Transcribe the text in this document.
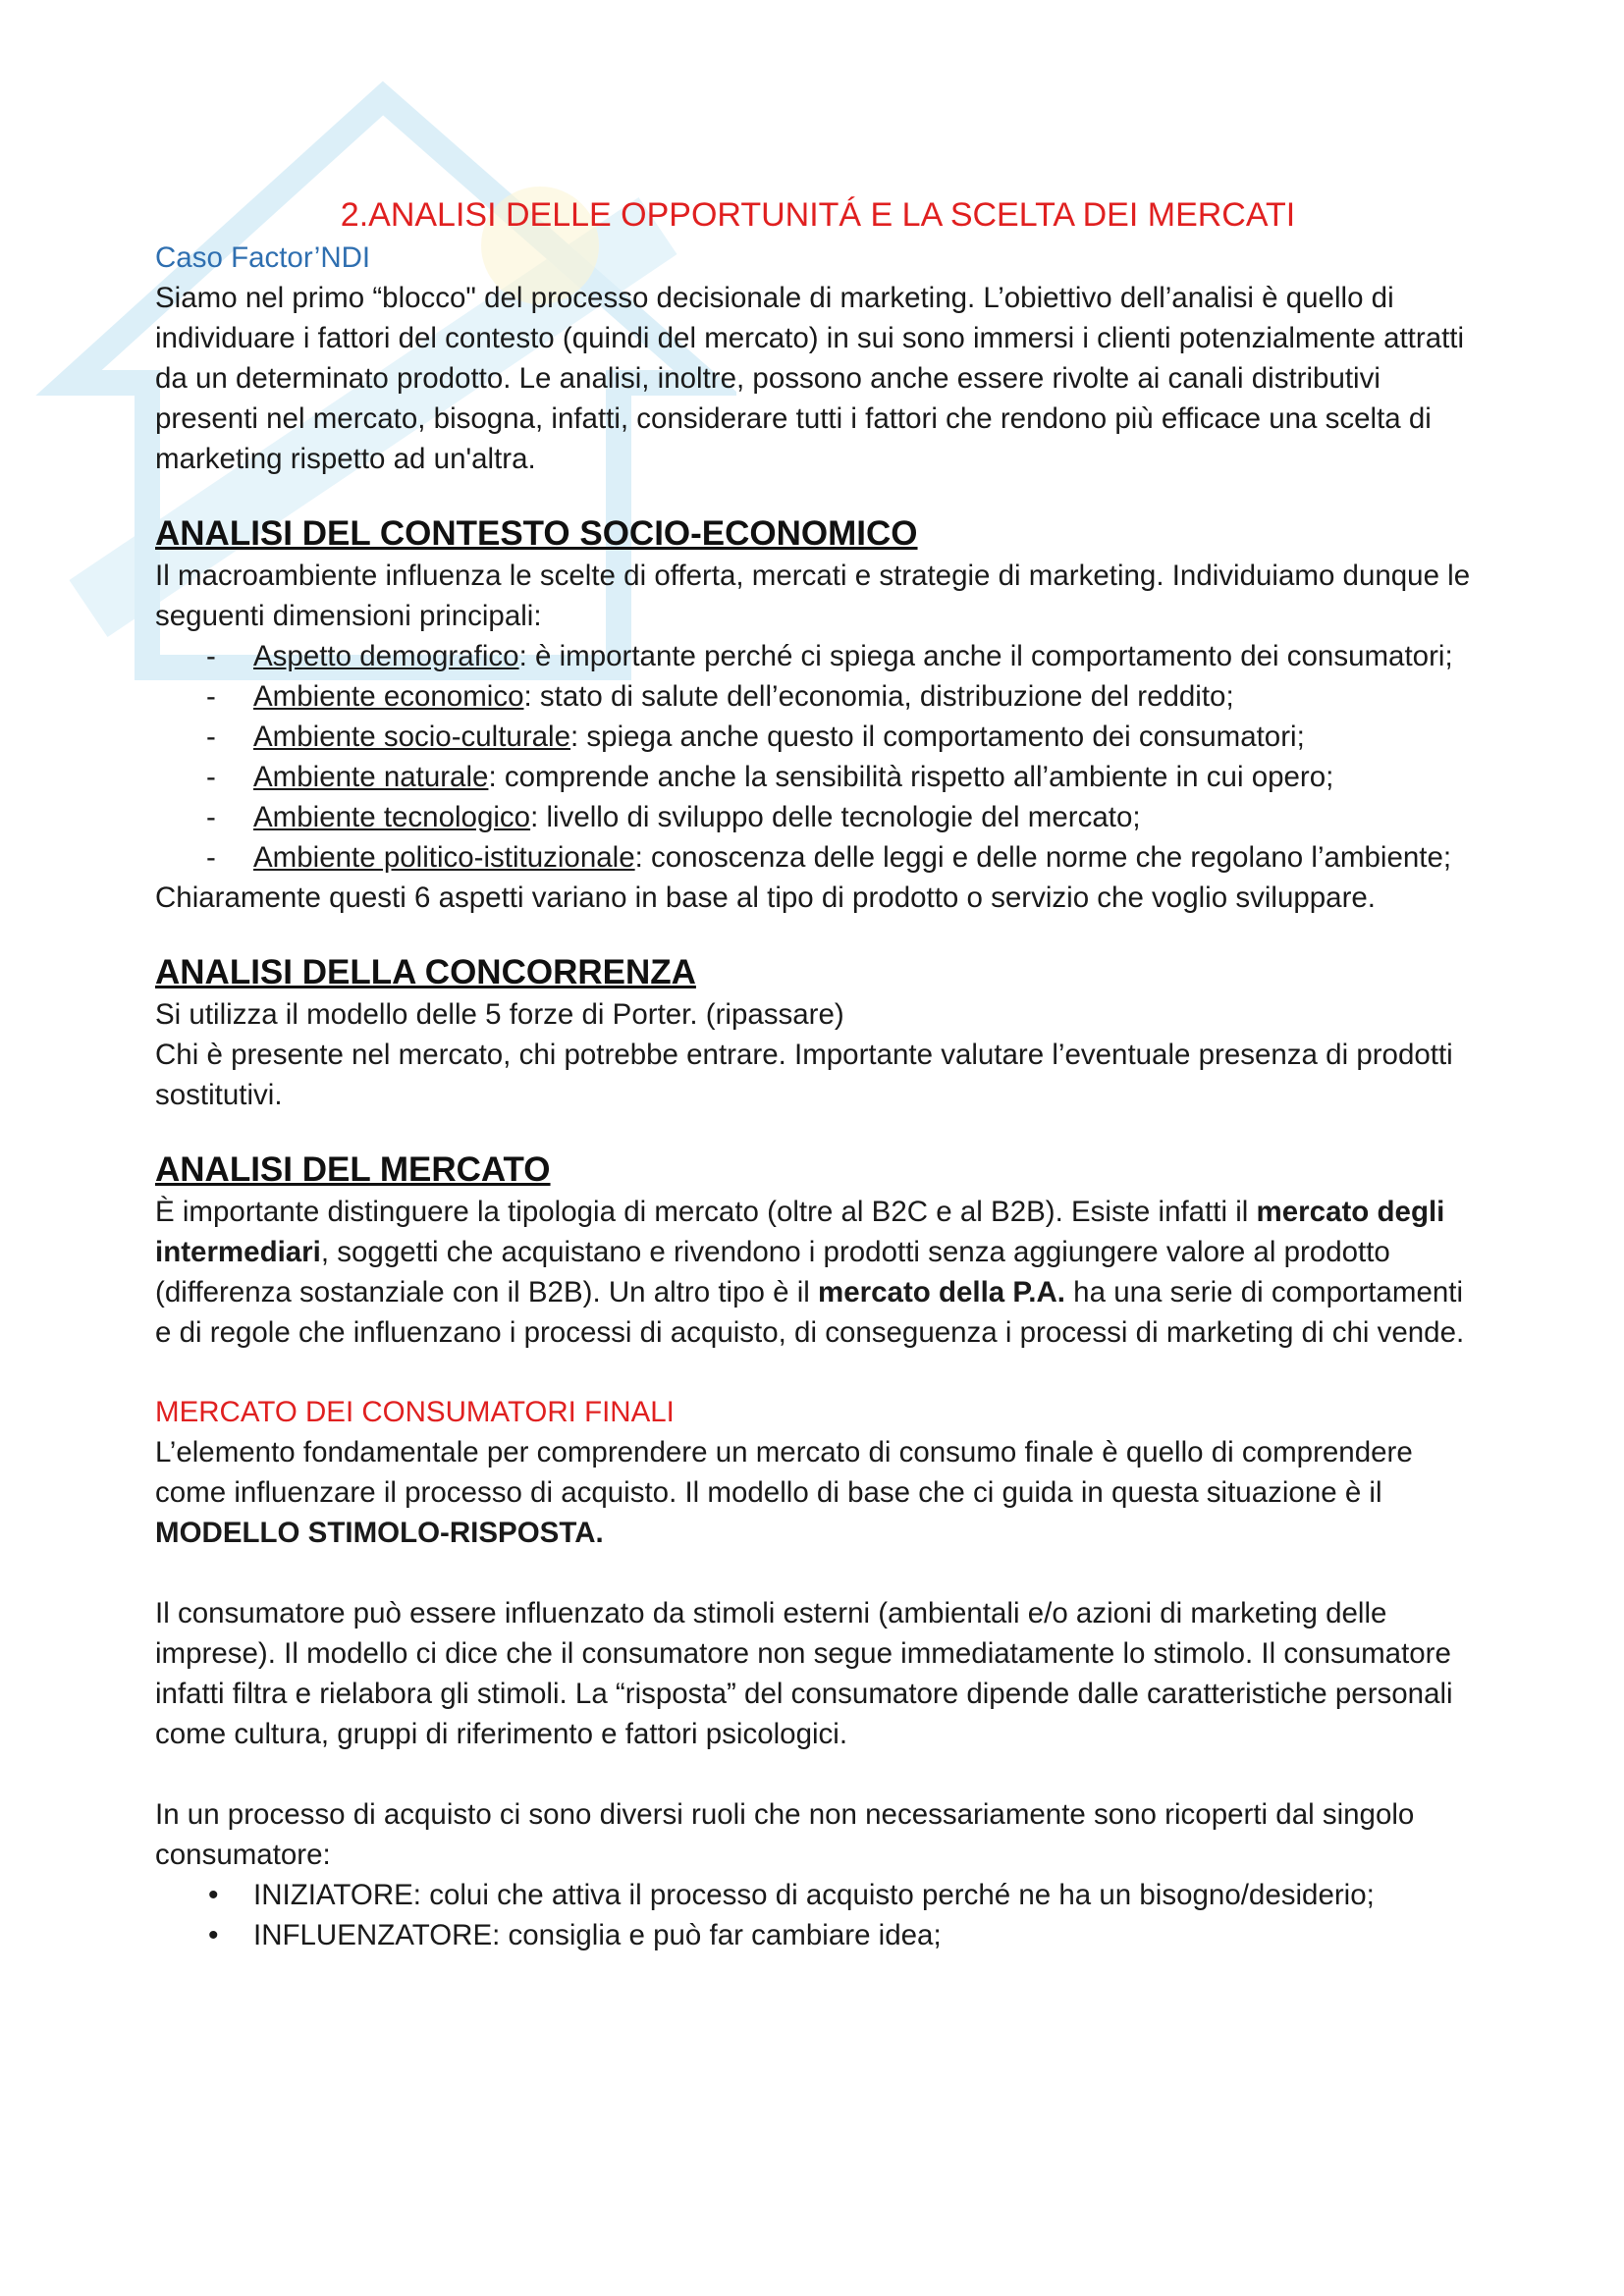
2.ANALISI DELLE OPPORTUNITÁ E LA SCELTA DEI MERCATI

Caso Factor’NDI

Siamo nel primo “blocco" del processo decisionale di marketing. L’obiettivo dell’analisi è quello di individuare i fattori del contesto (quindi del mercato) in sui sono immersi i clienti potenzialmente attratti da un determinato prodotto. Le analisi, inoltre, possono anche essere rivolte ai canali distributivi presenti nel mercato, bisogna, infatti, considerare tutti i fattori che rendono più efficace una scelta di marketing rispetto ad un'altra.

ANALISI DEL CONTESTO SOCIO-ECONOMICO

Il macroambiente influenza le scelte di offerta, mercati e strategie di marketing. Individuiamo dunque le seguenti dimensioni principali:

- Aspetto demografico: è importante perché ci spiega anche il comportamento dei consumatori;
- Ambiente economico: stato di salute dell’economia, distribuzione del reddito;
- Ambiente socio-culturale: spiega anche questo il comportamento dei consumatori;
- Ambiente naturale: comprende anche la sensibilità rispetto all’ambiente in cui opero;
- Ambiente tecnologico: livello di sviluppo delle tecnologie del mercato;
- Ambiente politico-istituzionale: conoscenza delle leggi e delle norme che regolano l’ambiente;

Chiaramente questi 6 aspetti variano in base al tipo di prodotto o servizio che voglio sviluppare.

ANALISI DELLA CONCORRENZA

Si utilizza il modello delle 5 forze di Porter. (ripassare)

Chi è presente nel mercato, chi potrebbe entrare. Importante valutare l’eventuale presenza di prodotti sostitutivi.

ANALISI DEL MERCATO

È importante distinguere la tipologia di mercato (oltre al B2C e al B2B). Esiste infatti il mercato degli intermediari, soggetti che acquistano e rivendono i prodotti senza aggiungere valore al prodotto (differenza sostanziale con il B2B). Un altro tipo è il mercato della P.A. ha una serie di comportamenti e di regole che influenzano i processi di acquisto, di conseguenza i processi di marketing di chi vende.

MERCATO DEI CONSUMATORI FINALI

L’elemento fondamentale per comprendere un mercato di consumo finale è quello di comprendere come influenzare il processo di acquisto. Il modello di base che ci guida in questa situazione è il MODELLO STIMOLO-RISPOSTA.

Il consumatore può essere influenzato da stimoli esterni (ambientali e/o azioni di marketing delle imprese). Il modello ci dice che il consumatore non segue immediatamente lo stimolo. Il consumatore infatti filtra e rielabora gli stimoli. La “risposta” del consumatore dipende dalle caratteristiche personali come cultura, gruppi di riferimento e fattori psicologici.

In un processo di acquisto ci sono diversi ruoli che non necessariamente sono ricoperti dal singolo consumatore:

• INIZIATORE: colui che attiva il processo di acquisto perché ne ha un bisogno/desiderio;
• INFLUENZATORE: consiglia e può far cambiare idea;
